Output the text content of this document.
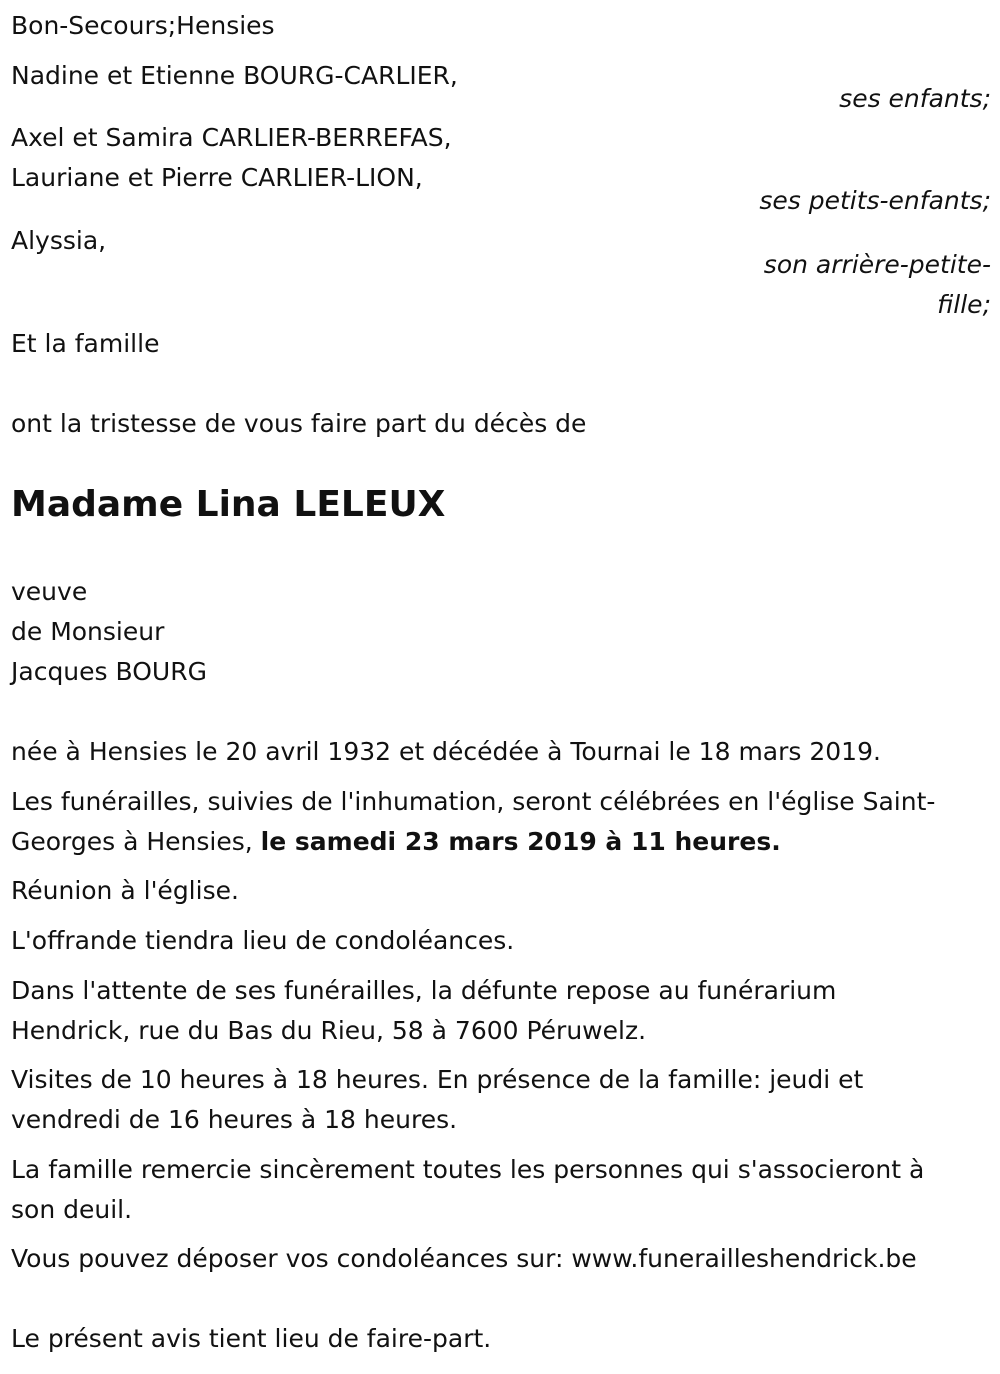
Bon-Secours;Hensies
Nadine et Etienne BOURG-CARLIER,
ses enfants;
Axel et Samira CARLIER-BERREFAS,
Lauriane et Pierre CARLIER-LION,
ses petits-enfants;
Alyssia,
son arrière-petite-
fille;
Et la famille
ont la tristesse de vous faire part du décès de
Madame Lina LELEUX
veuve
de Monsieur
Jacques BOURG
née à Hensies le 20 avril 1932 et décédée à Tournai le 18 mars 2019.
Les funérailles, suivies de l'inhumation, seront célébrées en l'église Saint-
Georges à Hensies, le samedi 23 mars 2019 à 11 heures.
Réunion à l'église.
L'offrande tiendra lieu de condoléances.
Dans l'attente de ses funérailles, la défunte repose au funérarium
Hendrick, rue du Bas du Rieu, 58 à 7600 Péruwelz.
Visites de 10 heures à 18 heures. En présence de la famille: jeudi et
vendredi de 16 heures à 18 heures.
La famille remercie sincèrement toutes les personnes qui s'associeront à
son deuil.
Vous pouvez déposer vos condoléances sur: www.funerailleshendrick.be
Le présent avis tient lieu de faire-part.
